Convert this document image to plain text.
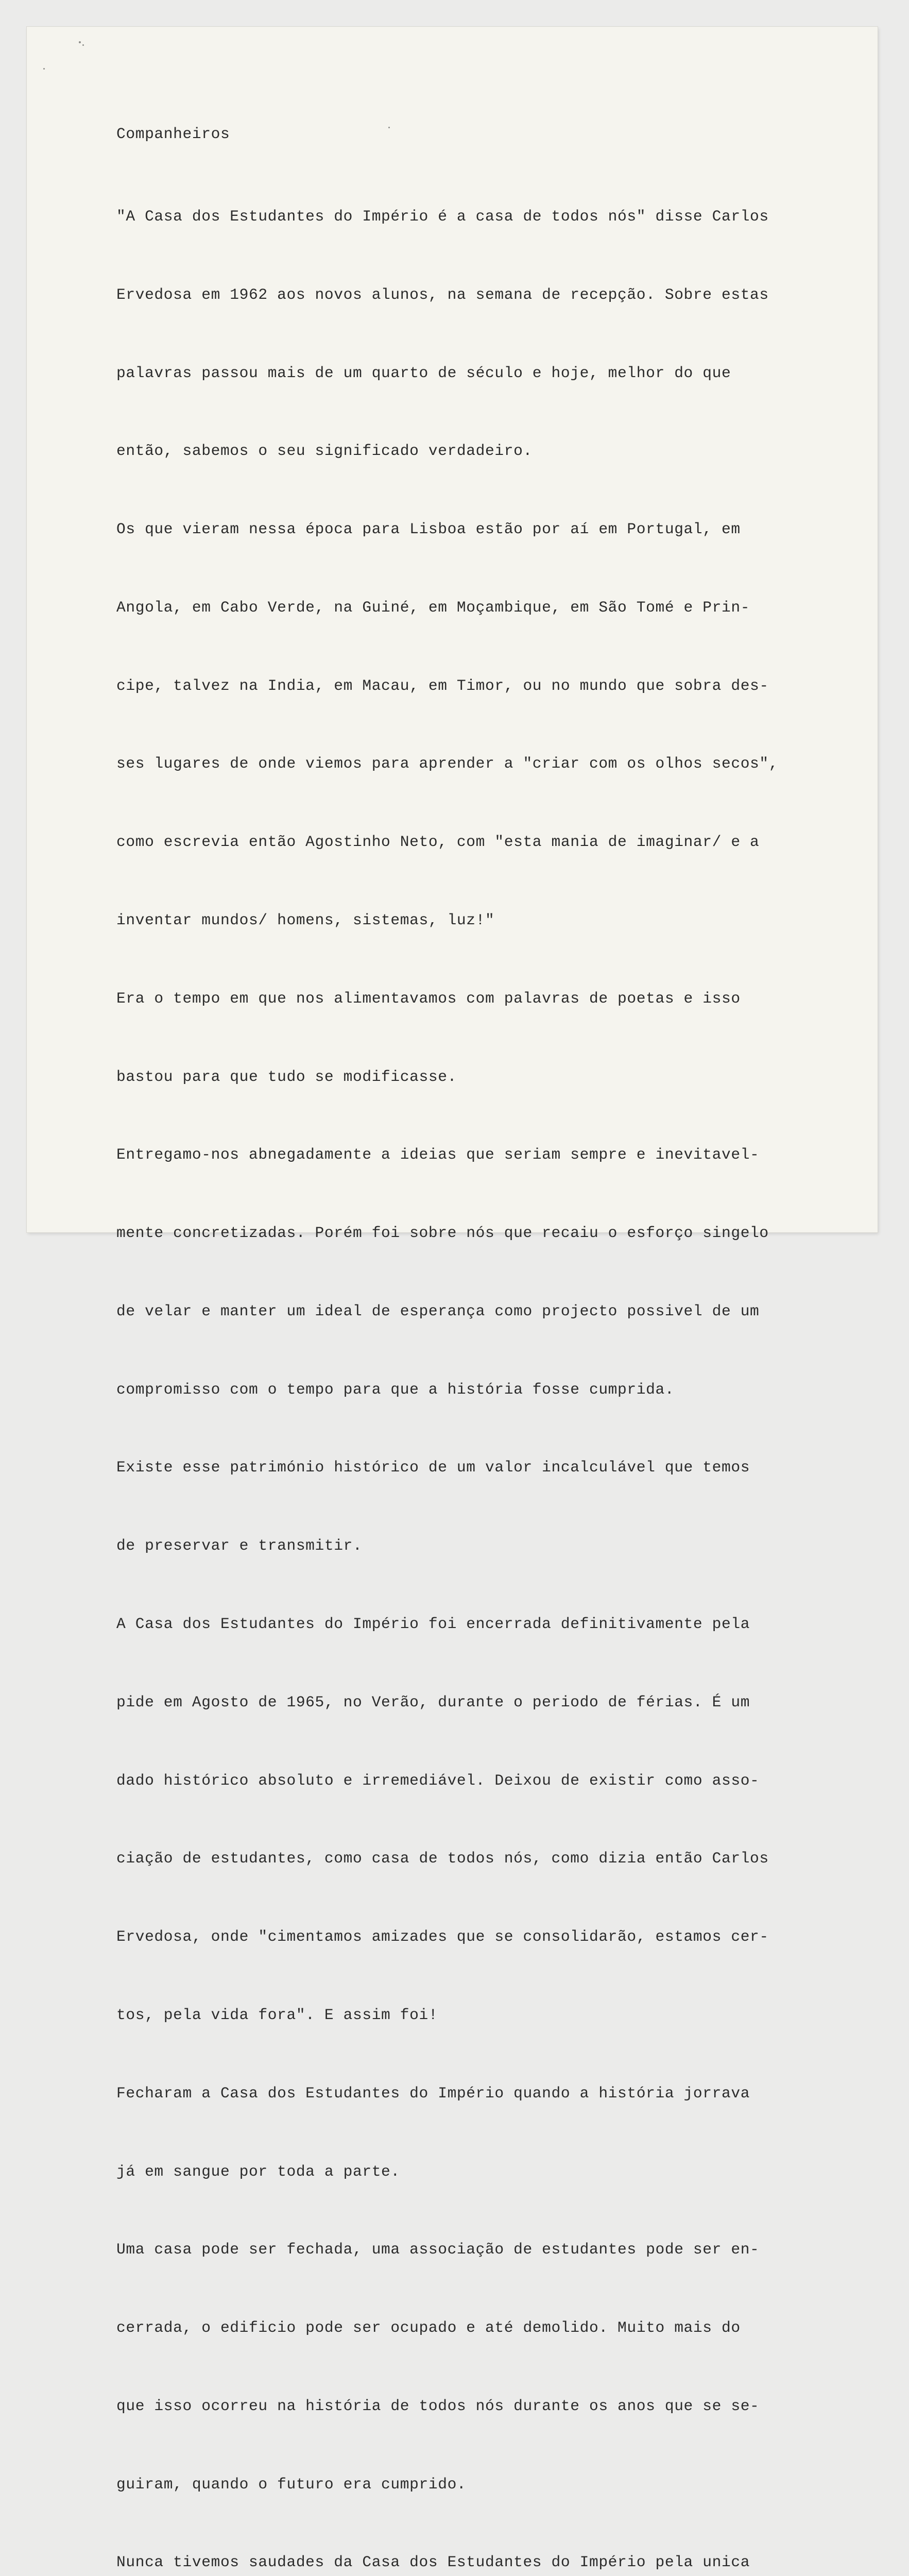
Companheiros

"A Casa dos Estudantes do Império é a casa de todos nós" disse Carlos

Ervedosa em 1962 aos novos alunos, na semana de recepção. Sobre estas

palavras passou mais de um quarto de século e hoje, melhor do que

então, sabemos o seu significado verdadeiro.

Os que vieram nessa época para Lisboa estão por aí em Portugal, em

Angola, em Cabo Verde, na Guiné, em Moçambique, em São Tomé e Prin-

cipe, talvez na India, em Macau, em Timor, ou no mundo que sobra des-

ses lugares de onde viemos para aprender a "criar com os olhos secos",

como escrevia então Agostinho Neto, com "esta mania de imaginar/ e a

inventar mundos/ homens, sistemas, luz!"

Era o tempo em que nos alimentavamos com palavras de poetas e isso

bastou para que tudo se modificasse.

Entregamo-nos abnegadamente a ideias que seriam sempre e inevitavel-

mente concretizadas. Porém foi sobre nós que recaiu o esforço singelo

de velar e manter um ideal de esperança como projecto possivel de um

compromisso com o tempo para que a história fosse cumprida.

Existe esse património histórico de um valor incalculável que temos

de preservar e transmitir.

A Casa dos Estudantes do Império foi encerrada definitivamente pela

pide em Agosto de 1965, no Verão, durante o periodo de férias. É um

dado histórico absoluto e irremediável. Deixou de existir como asso-

ciação de estudantes, como casa de todos nós, como dizia então Carlos

Ervedosa, onde "cimentamos amizades que se consolidarão, estamos cer-

tos, pela vida fora". E assim foi!

Fecharam a Casa dos Estudantes do Império quando a história jorrava

já em sangue por toda a parte.

Uma casa pode ser fechada, uma associação de estudantes pode ser en-

cerrada, o edificio pode ser ocupado e até demolido. Muito mais do

que isso ocorreu na história de todos nós durante os anos que se se-

guiram, quando o futuro era cumprido.

Nunca tivemos saudades da Casa dos Estudantes do Império pela unica
